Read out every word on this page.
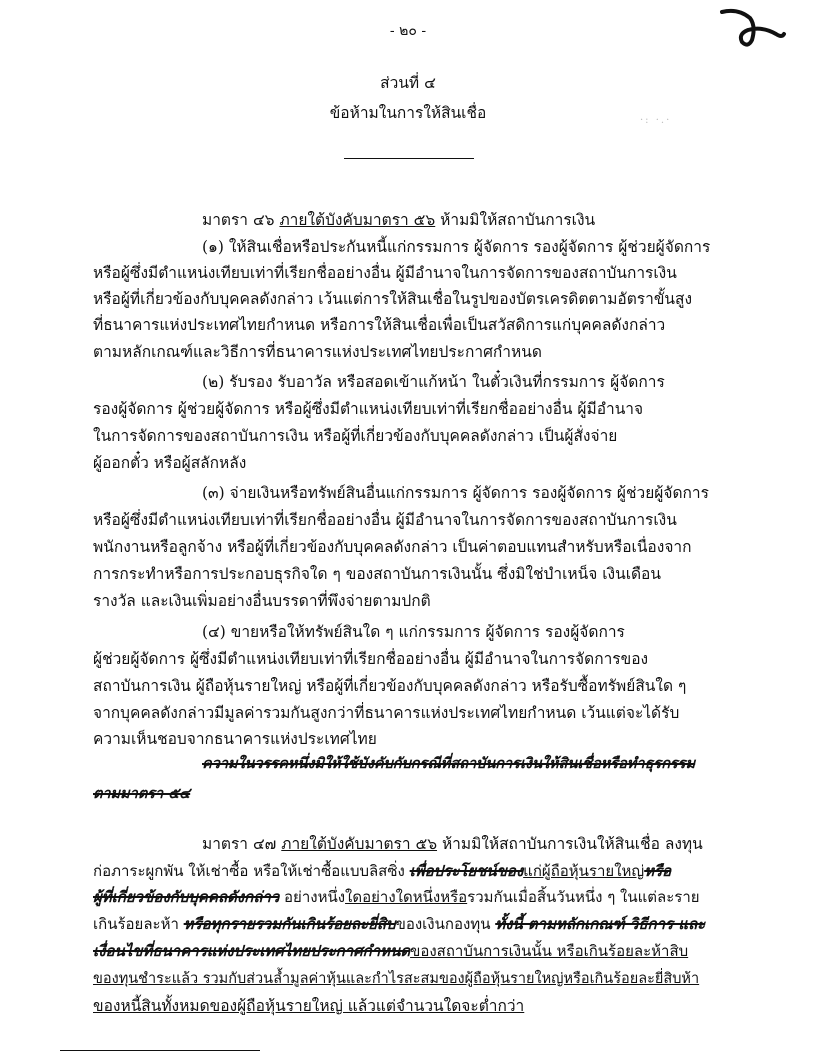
- ๒๐ -
ส่วนที่ ๔
ข้อห้ามในการให้สินเชื่อ	·: ·.·
มาตรา ๔๖ ภายใต้บังคับมาตรา ๕๖ ห้ามมิให้สถาบันการเงิน
(๑) ให้สินเชื่อหรือประกันหนี้แก่กรรมการ ผู้จัดการ รองผู้จัดการ ผู้ช่วยผู้จัดการ
หรือผู้ซึ่งมีตำแหน่งเทียบเท่าที่เรียกชื่ออย่างอื่น ผู้มีอำนาจในการจัดการของสถาบันการเงิน
หรือผู้ที่เกี่ยวข้องกับบุคคลดังกล่าว เว้นแต่การให้สินเชื่อในรูปของบัตรเครดิตตามอัตราขั้นสูง
ที่ธนาคารแห่งประเทศไทยกำหนด หรือการให้สินเชื่อเพื่อเป็นสวัสดิการแก่บุคคลดังกล่าว
ตามหลักเกณฑ์และวิธีการที่ธนาคารแห่งประเทศไทยประกาศกำหนด
(๒) รับรอง รับอาวัล หรือสอดเข้าแก้หน้า ในตั๋วเงินที่กรรมการ ผู้จัดการ
รองผู้จัดการ ผู้ช่วยผู้จัดการ หรือผู้ซึ่งมีตำแหน่งเทียบเท่าที่เรียกชื่ออย่างอื่น ผู้มีอำนาจ
ในการจัดการของสถาบันการเงิน หรือผู้ที่เกี่ยวข้องกับบุคคลดังกล่าว เป็นผู้สั่งจ่าย
ผู้ออกตั๋ว หรือผู้สลักหลัง
(๓) จ่ายเงินหรือทรัพย์สินอื่นแก่กรรมการ ผู้จัดการ รองผู้จัดการ ผู้ช่วยผู้จัดการ
หรือผู้ซึ่งมีตำแหน่งเทียบเท่าที่เรียกชื่ออย่างอื่น ผู้มีอำนาจในการจัดการของสถาบันการเงิน
พนักงานหรือลูกจ้าง หรือผู้ที่เกี่ยวข้องกับบุคคลดังกล่าว เป็นค่าตอบแทนสำหรับหรือเนื่องจาก
การกระทำหรือการประกอบธุรกิจใด ๆ ของสถาบันการเงินนั้น ซึ่งมิใช่บำเหน็จ เงินเดือน
รางวัล และเงินเพิ่มอย่างอื่นบรรดาที่พึงจ่ายตามปกติ
(๔) ขายหรือให้ทรัพย์สินใด ๆ แก่กรรมการ ผู้จัดการ รองผู้จัดการ
ผู้ช่วยผู้จัดการ ผู้ซึ่งมีตำแหน่งเทียบเท่าที่เรียกชื่ออย่างอื่น ผู้มีอำนาจในการจัดการของ
สถาบันการเงิน ผู้ถือหุ้นรายใหญ่ หรือผู้ที่เกี่ยวข้องกับบุคคลดังกล่าว หรือรับซื้อทรัพย์สินใด ๆ
จากบุคคลดังกล่าวมีมูลค่ารวมกันสูงกว่าที่ธนาคารแห่งประเทศไทยกำหนด เว้นแต่จะได้รับ
ความเห็นชอบจากธนาคารแห่งประเทศไทย
ความในวรรคหนึ่งมิให้ใช้บังคับกับกรณีที่สถาบันการเงินให้สินเชื่อหรือทำธุรกรรม
ตามมาตรา ๕๔
มาตรา ๔๗ ภายใต้บังคับมาตรา ๕๖ ห้ามมิให้สถาบันการเงินให้สินเชื่อ ลงทุน
ก่อภาระผูกพัน ให้เช่าซื้อ หรือให้เช่าซื้อแบบลิสซิ่ง เพื่อประโยชน์ของแก่ผู้ถือหุ้นรายใหญ่หรือ
ผู้ที่เกี่ยวข้องกับบุคคลดังกล่าว อย่างหนึ่งใดอย่างใดหนึ่งหรือรวมกันเมื่อสิ้นวันหนึ่ง ๆ ในแต่ละราย
เกินร้อยละห้า หรือทุกรายรวมกันเกินร้อยละยี่สิบของเงินกองทุน ทั้งนี้ ตามหลักเกณฑ์ วิธีการ และ
เงื่อนไขที่ธนาคารแห่งประเทศไทยประกาศกำหนดของสถาบันการเงินนั้น หรือเกินร้อยละห้าสิบ
ของทุนชำระแล้ว รวมกับส่วนล้ำมูลค่าหุ้นและกำไรสะสมของผู้ถือหุ้นรายใหญ่หรือเกินร้อยละยี่สิบห้า
ของหนี้สินทั้งหมดของผู้ถือหุ้นรายใหญ่ แล้วแต่จำนวนใดจะต่ำกว่า
